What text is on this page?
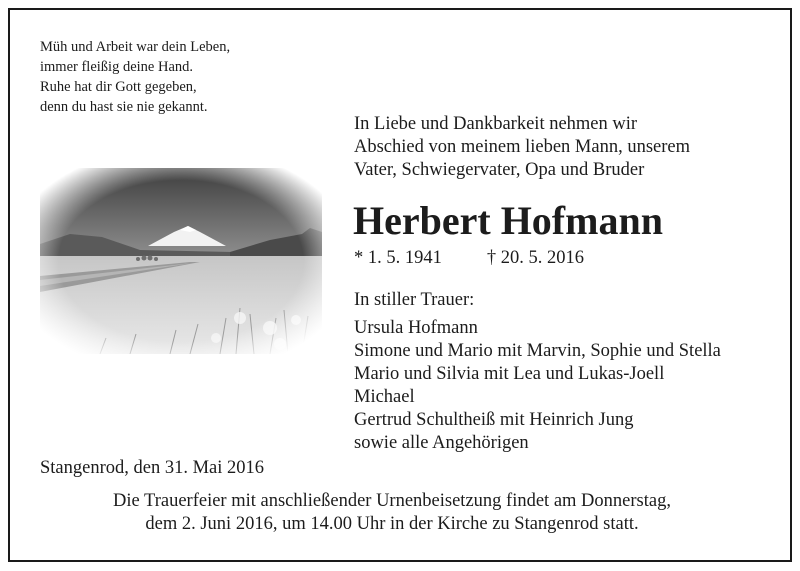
Müh und Arbeit war dein Leben,
immer fleißig deine Hand.
Ruhe hat dir Gott gegeben,
denn du hast sie nie gekannt.
In Liebe und Dankbarkeit nehmen wir
Abschied von meinem lieben Mann, unserem
Vater, Schwiegervater, Opa und Bruder
Herbert Hofmann
* 1. 5. 1941 † 20. 5. 2016
In stiller Trauer:
Ursula Hofmann
Simone und Mario mit Marvin, Sophie und Stella
Mario und Silvia mit Lea und Lukas-Joell
Michael
Gertrud Schultheiß mit Heinrich Jung
sowie alle Angehörigen
Stangenrod, den 31. Mai 2016
Die Trauerfeier mit anschließender Urnenbeisetzung findet am Donnerstag,
dem 2. Juni 2016, um 14.00 Uhr in der Kirche zu Stangenrod statt.
